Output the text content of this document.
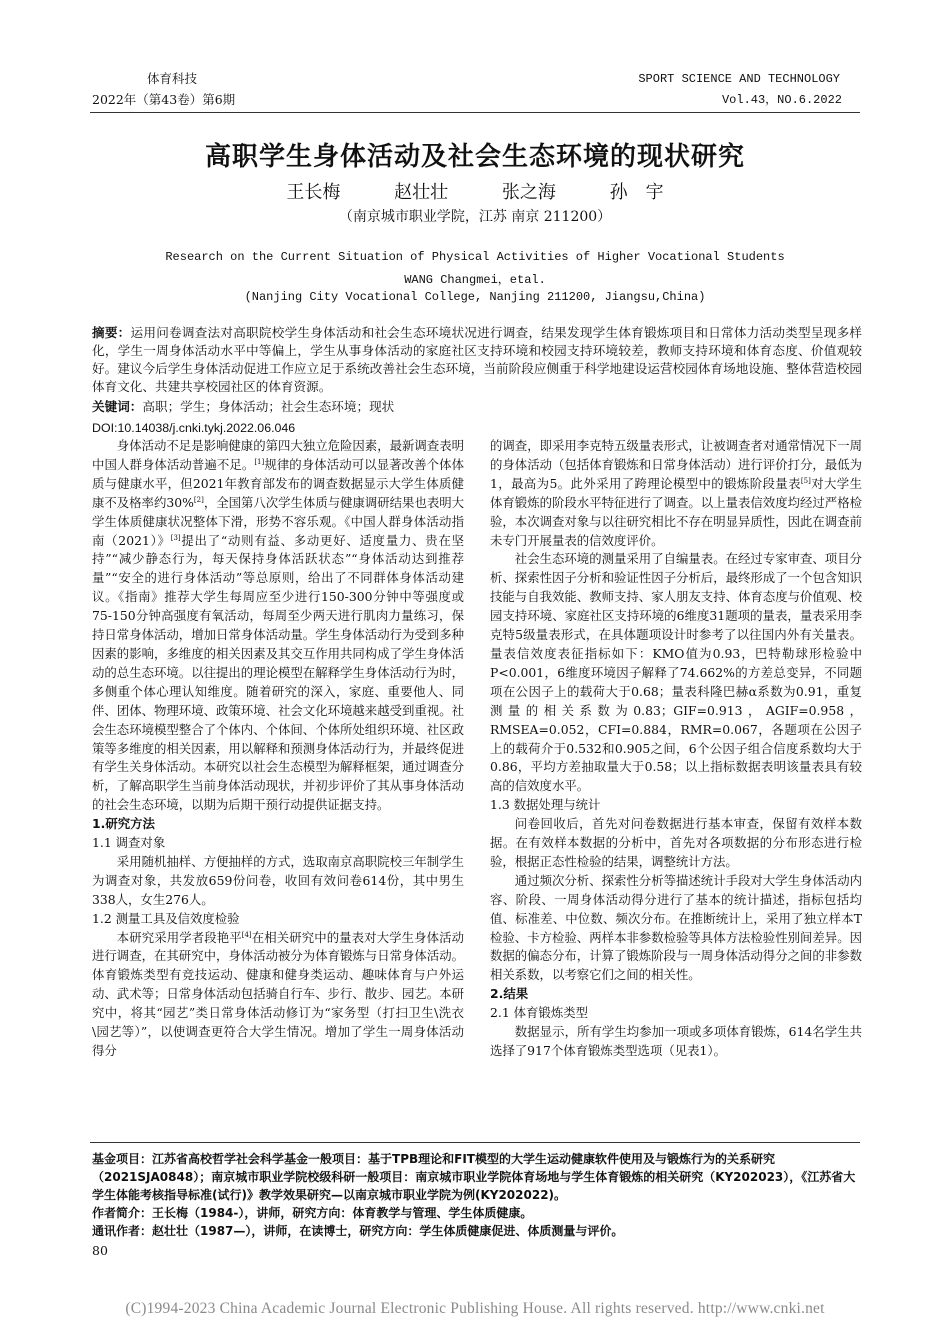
体育科技
2022年（第43卷）第6期
SPORT SCIENCE AND TECHNOLOGY
Vol.43，NO.6.2022
高职学生身体活动及社会生态环境的现状研究
王长梅	赵壮壮	张之海	孙　宇
（南京城市职业学院，江苏 南京 211200）
Research on the Current Situation of Physical Activities of Higher Vocational Students
WANG Changmei，etal.
(Nanjing City Vocational College, Nanjing 211200, Jiangsu,China)
摘要：运用问卷调查法对高职院校学生身体活动和社会生态环境状况进行调查，结果发现学生体育锻炼项目和日常体力活动类型呈现多样化，学生一周身体活动水平中等偏上，学生从事身体活动的家庭社区支持环境和校园支持环境较差，教师支持环境和体育态度、价值观较好。建议今后学生身体活动促进工作应立足于系统改善社会生态环境，当前阶段应侧重于科学地建设运营校园体育场地设施、整体营造校园体育文化、共建共享校园社区的体育资源。
关键词：高职；学生；身体活动；社会生态环境；现状
DOI:10.14038/j.cnki.tykj.2022.06.046

身体活动不足是影响健康的第四大独立危险因素，最新调查表明中国人群身体活动普遍不足。[1]规律的身体活动可以显著改善个体体质与健康水平，但2021年教育部发布的调查数据显示大学生体质健康不及格率约30%[2]，全国第八次学生体质与健康调研结果也表明大学生体质健康状况整体下滑，形势不容乐观。《中国人群身体活动指南（2021）》[3]提出了“动则有益、多动更好、适度量力、贵在坚持”“减少静态行为，每天保持身体活跃状态”“身体活动达到推荐量”“安全的进行身体活动”等总原则，给出了不同群体身体活动建议。《指南》推荐大学生每周应至少进行150-300分钟中等强度或75-150分钟高强度有氧活动，每周至少两天进行肌肉力量练习，保持日常身体活动，增加日常身体活动量。学生身体活动行为受到多种因素的影响，多维度的相关因素及其交互作用共同构成了学生身体活动的总生态环境。以往提出的理论模型在解释学生身体活动行为时，多侧重个体心理认知维度。随着研究的深入，家庭、重要他人、同伴、团体、物理环境、政策环境、社会文化环境越来越受到重视。社会生态环境模型整合了个体内、个体间、个体所处组织环境、社区政策等多维度的相关因素，用以解释和预测身体活动行为，并最终促进有学生关身体活动。本研究以社会生态模型为解释框架，通过调查分析，了解高职学生当前身体活动现状，并初步评价了其从事身体活动的社会生态环境，以期为后期干预行动提供证据支持。

1.研究方法
1.1 调查对象

采用随机抽样、方便抽样的方式，选取南京高职院校三年制学生为调查对象，共发放659份问卷，收回有效问卷614份，其中男生338人，女生276人。

1.2 测量工具及信效度检验

本研究采用学者段艳平[4]在相关研究中的量表对大学生身体活动进行调查，在其研究中，身体活动被分为体育锻炼与日常身体活动。体育锻炼类型有竞技运动、健康和健身类运动、趣味体育与户外运动、武术等；日常身体活动包括骑自行车、步行、散步、园艺。本研究中，将其“园艺”类日常身体活动修订为“家务型（打扫卫生\洗衣\园艺等）”，以使调查更符合大学生情况。增加了学生一周身体活动得分

的调查，即采用李克特五级量表形式，让被调查者对通常情况下一周的身体活动（包括体育锻炼和日常身体活动）进行评价打分，最低为1，最高为5。此外采用了跨理论模型中的锻炼阶段量表[5]对大学生体育锻炼的阶段水平特征进行了调查。以上量表信效度均经过严格检验，本次调查对象与以往研究相比不存在明显异质性，因此在调查前未专门开展量表的信效度评价。

社会生态环境的测量采用了自编量表。在经过专家审查、项目分析、探索性因子分析和验证性因子分析后，最终形成了一个包含知识技能与自我效能、教师支持、家人朋友支持、体育态度与价值观、校园支持环境、家庭社区支持环境的6维度31题项的量表，量表采用李克特5级量表形式，在具体题项设计时参考了以往国内外有关量表。量表信效度表征指标如下：KMO值为0.93，巴特勒球形检验中P<0.001，6维度环境因子解释了74.662%的方差总变异，不同题项在公因子上的载荷大于0.68；量表科隆巴赫α系数为0.91，重复测量的相关系数为0.83；GIF=0.913，AGIF=0.958，RMSEA=0.052，CFI=0.884，RMR=0.067，各题项在公因子上的载荷介于0.532和0.905之间，6个公因子组合信度系数均大于0.86，平均方差抽取量大于0.58；以上指标数据表明该量表具有较高的信效度水平。

1.3 数据处理与统计

问卷回收后，首先对问卷数据进行基本审查，保留有效样本数据。在有效样本数据的分析中，首先对各项数据的分布形态进行检验，根据正态性检验的结果，调整统计方法。

通过频次分析、探索性分析等描述统计手段对大学生身体活动内容、阶段、一周身体活动得分进行了基本的统计描述，指标包括均值、标准差、中位数、频次分布。在推断统计上，采用了独立样本T检验、卡方检验、两样本非参数检验等具体方法检验性别间差异。因数据的偏态分布，计算了锻炼阶段与一周身体活动得分之间的非参数相关系数，以考察它们之间的相关性。

2.结果
2.1 体育锻炼类型

数据显示，所有学生均参加一项或多项体育锻炼，614名学生共选择了917个体育锻炼类型选项（见表1）。

基金项目：江苏省高校哲学社会科学基金一般项目：基于TPB理论和FIT模型的大学生运动健康软件使用及与锻炼行为的关系研究（2021SJA0848）；南京城市职业学院校级科研一般项目：南京城市职业学院体育场地与学生体育锻炼的相关研究（KY202023），《江苏省大学生体能考核指导标准(试行)》教学效果研究—以南京城市职业学院为例(KY202022)。

作者简介：王长梅（1984-），讲师，研究方向：体育教学与管理、学生体质健康。

通讯作者：赵壮壮（1987—），讲师，在读博士，研究方向：学生体质健康促进、体质测量与评价。

80
(C)1994-2023 China Academic Journal Electronic Publishing House. All rights reserved. http://www.cnki.net
